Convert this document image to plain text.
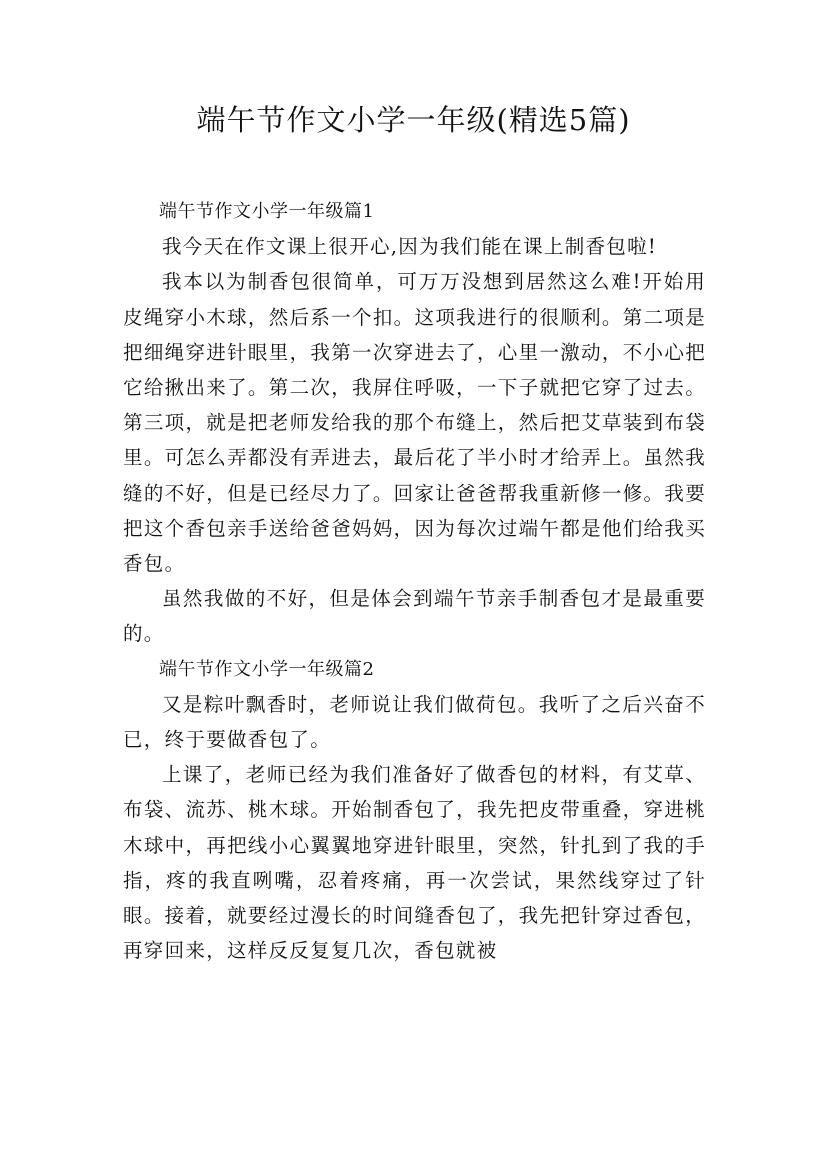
端午节作文小学一年级(精选5篇)
端午节作文小学一年级篇1

我今天在作文课上很开心,因为我们能在课上制香包啦!

我本以为制香包很简单，可万万没想到居然这么难!开始用皮绳穿小木球，然后系一个扣。这项我进行的很顺利。第二项是把细绳穿进针眼里，我第一次穿进去了，心里一激动，不小心把它给揪出来了。第二次，我屏住呼吸，一下子就把它穿了过去。第三项，就是把老师发给我的那个布缝上，然后把艾草装到布袋里。可怎么弄都没有弄进去，最后花了半小时才给弄上。虽然我缝的不好，但是已经尽力了。回家让爸爸帮我重新修一修。我要把这个香包亲手送给爸爸妈妈，因为每次过端午都是他们给我买香包。

虽然我做的不好，但是体会到端午节亲手制香包才是最重要的。

端午节作文小学一年级篇2

又是粽叶飘香时，老师说让我们做荷包。我听了之后兴奋不已，终于要做香包了。

上课了，老师已经为我们准备好了做香包的材料，有艾草、布袋、流苏、桃木球。开始制香包了，我先把皮带重叠，穿进桃木球中，再把线小心翼翼地穿进针眼里，突然，针扎到了我的手指，疼的我直咧嘴，忍着疼痛，再一次尝试，果然线穿过了针眼。接着，就要经过漫长的时间缝香包了，我先把针穿过香包，再穿回来，这样反反复复几次，香包就被
